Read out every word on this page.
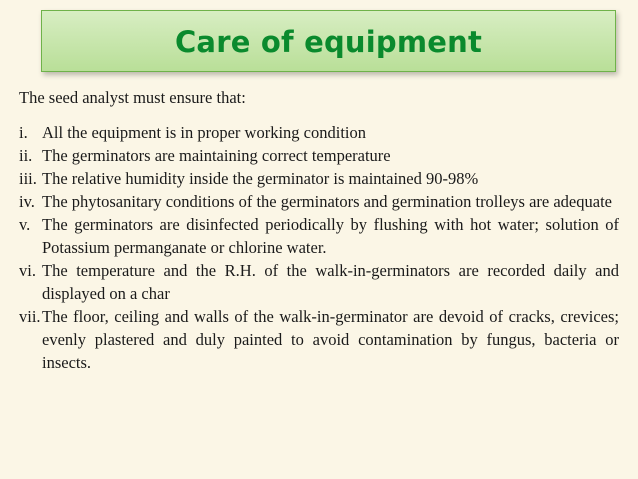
Care of equipment

The seed analyst must ensure that:

i. All the equipment is in proper working condition
ii. The germinators are maintaining correct temperature
iii. The relative humidity inside the germinator is maintained 90-98%
iv. The phytosanitary conditions of the germinators and germination trolleys are adequate
v. The germinators are disinfected periodically by flushing with hot water; solution of    Potassium permanganate or chlorine water.
vi. The temperature and the R.H. of the walk-in-germinators are recorded daily and   displayed on a char
vii. The floor, ceiling and walls of the walk-in-germinator are devoid of cracks, crevices; evenly plastered and duly painted to avoid contamination by fungus, bacteria or insects.
